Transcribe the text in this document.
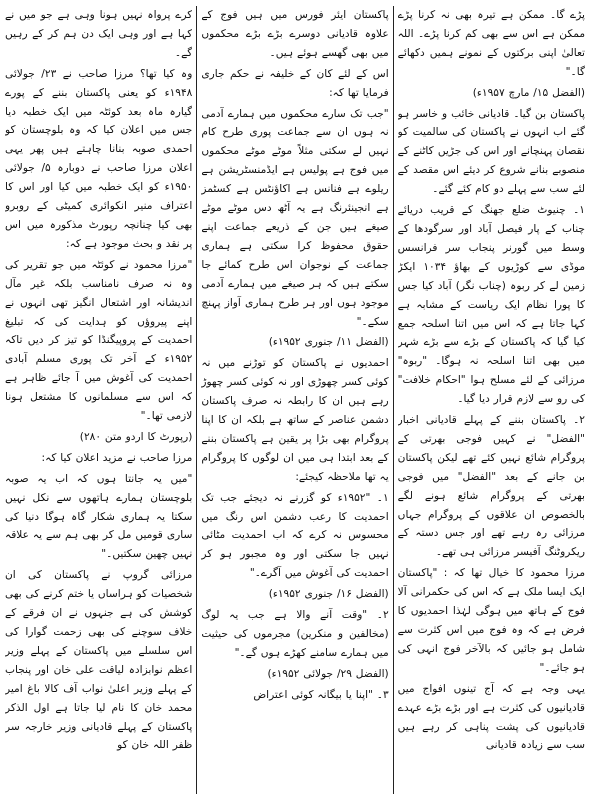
پڑے گا۔ ممکن ہے تیرہ بھی نہ کرنا پڑے ممکن ہے اس سے بھی کم کرنا پڑے۔ اللہ تعالیٰ اپنی برکتوں کے نمونے ہمیں دکھائے گا۔"

(الفضل ۱۵/ مارچ ۱۹۵۷ء)

پاکستان بن گیا۔ قادیانی خائب و خاسر ہو گئے اب انہوں نے پاکستان کی سالمیت کو نقصان پہنچانے اور اس کی جڑیں کاٹنے کے منصوبے بنانے شروع کر دیئے اس مقصد کے لئے سب سے پہلے دو کام کئے گئے۔

۱۔ چنیوٹ ضلع جھنگ کے قریب دریائے چناب کے پار فیصل آباد اور سرگودھا کے وسط میں گورنر پنجاب سر فرانسس موڈی سے کوڑیوں کے بھاؤ ۱۰۳۴ ایکڑ زمین لے کر ربوہ (چناب نگر) آباد کیا جس کا پورا نظام ایک ریاست کے مشابہ ہے کہا جاتا ہے کہ اس میں اتنا اسلحہ جمع کیا گیا کہ پاکستان کے بڑے سے بڑے شہر میں بھی اتنا اسلحہ نہ ہوگا۔ "ربوہ" مرزائی کے لئے مسلح ہوا "احکام خلافت" کی رو سے لازم قرار دیا گیا۔

۲۔ پاکستان بننے کے پہلے قادیانی اخبار "الفضل" نے کہیں فوجی بھرتی کے پروگرام شائع نہیں کئے تھے لیکن پاکستان بن جانے کے بعد "الفضل" میں فوجی بھرتی کے پروگرام شائع ہونے لگے بالخصوص ان علاقوں کے پروگرام جہاں مرزائی رہ رہے تھے اور جس دستہ کے ریکروٹنگ آفیسر مرزائی ہی تھے۔

مرزا محمود کا خیال تھا کہ : "پاکستان ایک ایسا ملک ہے کہ اس کی حکمرانی آلا فوج کے ہاتھ میں ہوگی لہٰذا احمدیوں کا فرض ہے کہ وہ فوج میں اس کثرت سے شامل ہو جائیں کہ بالآخر فوج انہی کی ہو جائے۔"

یہی وجہ ہے کہ آج تینوں افواج میں قادیانیوں کی کثرت ہے اور بڑے بڑے عہدے قادیانیوں کی پشت پناہی کر رہے ہیں سب سے زیادہ قادیانی

پاکستان ایئر فورس میں ہیں فوج کے علاوہ قادیانی دوسرے بڑے بڑے محکموں میں بھی گھسے ہوئے ہیں۔

اس کے لئے کان کے خلیفہ نے حکم جاری فرمایا تھا کہ:

"جب تک سارے محکموں میں ہمارے آدمی نہ ہوں ان سے جماعت پوری طرح کام نہیں لے سکتی مثلاً موٹے موٹے محکموں میں فوج ہے پولیس ہے ایڈمنسٹریشن ہے ریلوے ہے فنانس ہے اکاؤنٹس ہے کسٹمز ہے انجینئرنگ ہے یہ آٹھ دس موٹے موٹے صیغے ہیں جن کے ذریعے جماعت اپنے حقوق محفوظ کرا سکتی ہے ہماری جماعت کے نوجوان اس طرح کمائے جا سکتے ہیں کہ ہر صیغے میں ہمارے آدمی موجود ہوں اور ہر طرح ہماری آواز پہنچ سکے۔"

(الفضل ۱۱/ جنوری ۱۹۵۲ء)

احمدیوں نے پاکستان کو توڑنے میں نہ کوئی کسر چھوڑی اور نہ کوئی کسر چھوڑ رہے ہیں ان کا رابطہ نہ صرف پاکستان دشمن عناصر کے ساتھ ہے بلکہ ان کا اپنا پروگرام بھی بڑا پر یقین ہے پاکستان بننے کے بعد ابتدا ہی میں ان لوگوں کا پروگرام یہ تھا ملاحظہ کیجئے:

۱۔ "۱۹۵۲ء کو گزرنے نہ دیجئے جب تک احمدیت کا رعب دشمن اس رنگ میں محسوس نہ کرے کہ اب احمدیت مٹائی نہیں جا سکتی اور وہ مجبور ہو کر احمدیت کی آغوش میں آگرے۔"

(الفضل ۱۶/ جنوری ۱۹۵۲ء)

۲۔ "وقت آنے والا ہے جب یہ لوگ (مخالفین و منکرین) مجرموں کی حیثیت میں ہمارے سامنے کھڑے ہوں گے۔"

(الفضل ۲۹/ جولائی ۱۹۵۲ء)

۳۔ "اپنا یا بیگانہ کوئی اعتراض

کرے پرواہ نہیں ہونا وہی ہے جو میں نے کہا ہے اور وہی ایک دن ہم کر کے رہیں گے۔

وہ کیا تھا؟ مرزا صاحب نے ۲۳/ جولائی ۱۹۴۸ء کو یعنی پاکستان بننے کے پورے گیارہ ماہ بعد کوئٹہ میں ایک خطبہ دیا جس میں اعلان کیا کہ وہ بلوچستان کو احمدی صوبہ بنانا چاہتے ہیں پھر یہی اعلان مرزا صاحب نے دوبارہ ۵/ جولائی ۱۹۵۰ء کو ایک خطبہ میں کیا اور اس کا اعتراف منیر انکوائری کمیٹی کے روبرو بھی کیا چنانچہ رپورٹ مذکورہ میں اس پر نقد و بحث موجود ہے کہ:

"مرزا محمود نے کوئٹہ میں جو تقریر کی وہ نہ صرف نامناسب بلکہ غیر مآل اندیشانہ اور اشتعال انگیز تھی انہوں نے اپنے پیروؤں کو ہدایت کی کہ تبلیغ احمدیت کے پروپیگنڈا کو تیز کر دیں تاکہ ۱۹۵۲ء کے آخر تک پوری مسلم آبادی احمدیت کی آغوش میں آ جائے ظاہر ہے کہ اس سے مسلمانوں کا مشتعل ہونا لازمی تھا۔"

(رپورٹ کا اردو متن ۲۸۰)

مرزا صاحب نے مزید اعلان کیا کہ:

"میں یہ جانتا ہوں کہ اب یہ صوبہ بلوچستان ہمارے ہاتھوں سے نکل نہیں سکتا یہ ہماری شکار گاہ ہوگا دنیا کی ساری قومیں مل کر بھی ہم سے یہ علاقہ نہیں چھین سکتیں۔"

مرزائی گروپ نے پاکستان کی ان شخصیات کو ہراساں یا ختم کرنے کی بھی کوشش کی ہے جنہوں نے ان فرقے کے خلاف سوچنے کی بھی زحمت گوارا کی اس سلسلے میں پاکستان کے پہلے وزیر اعظم نوابزادہ لیاقت علی خان اور پنجاب کے پہلے وزیر اعلیٰ نواب آف کالا باغ امیر محمد خان کا نام لیا جاتا ہے اول الذکر پاکستان کے پہلے قادیانی وزیر خارجہ سر ظفر اللہ خان کو
